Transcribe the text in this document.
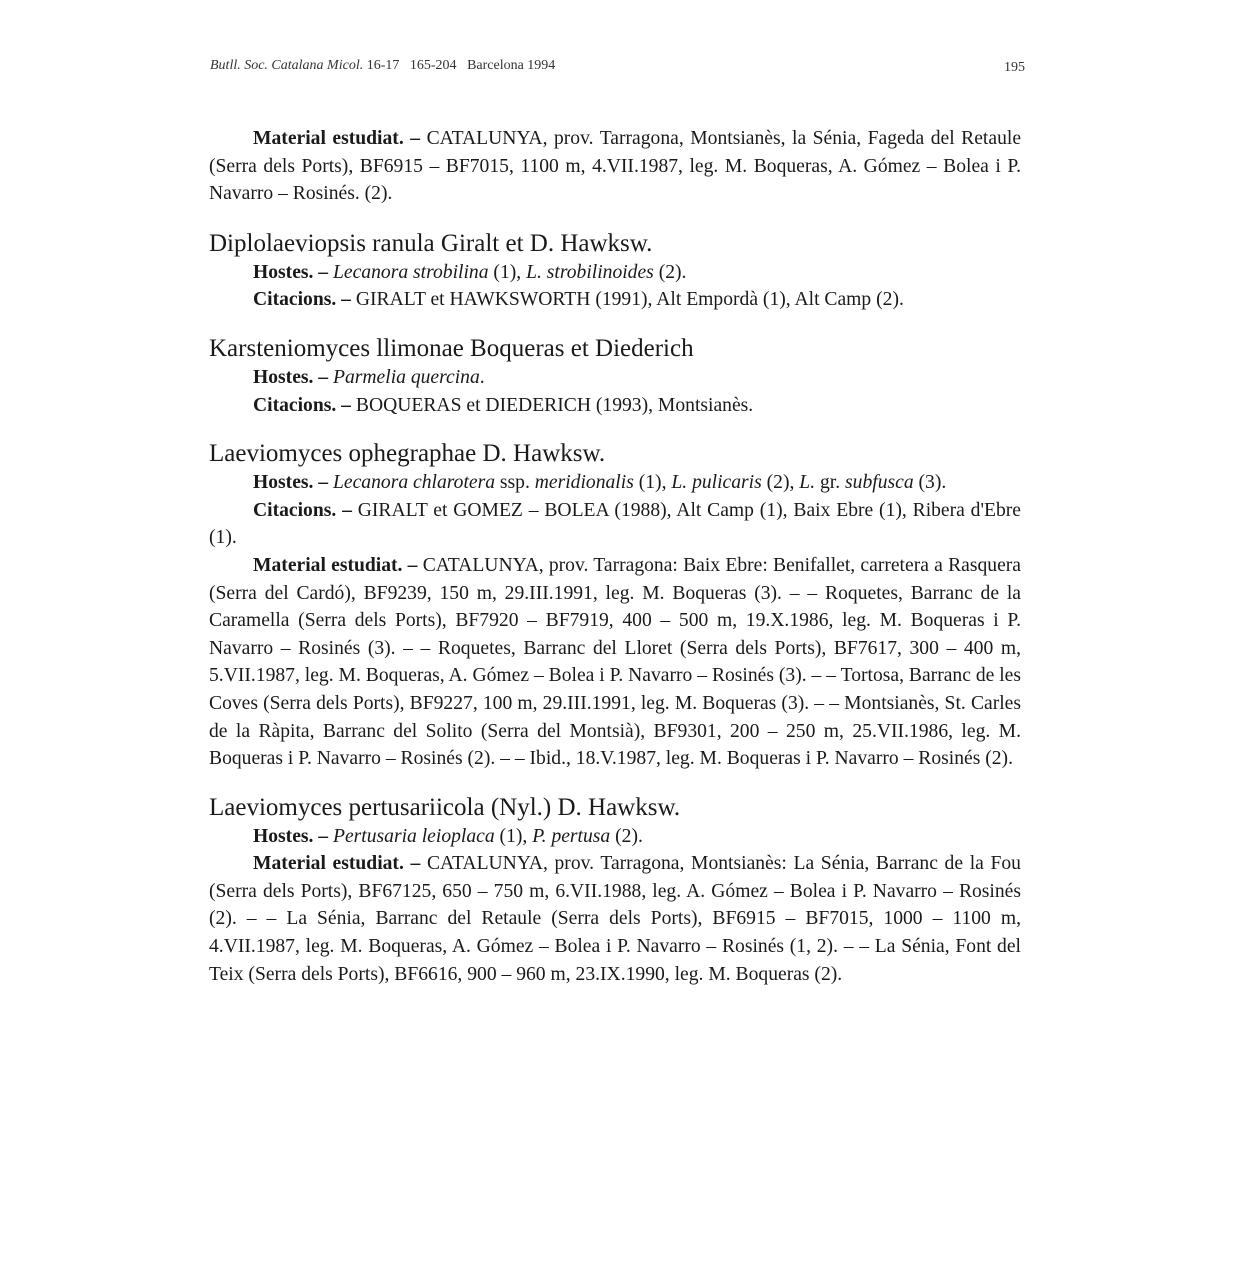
Butll. Soc. Catalana Micol. 16-17 165-204 Barcelona 1994	195

Material estudiat. – CATALUNYA, prov. Tarragona, Montsianès, la Sénia, Fageda del Retaule (Serra dels Ports), BF6915 – BF7015, 1100 m, 4.VII.1987, leg. M. Boqueras, A. Gómez – Bolea i P. Navarro – Rosinés. (2).

Diplolaeviopsis ranula Giralt et D. Hawksw.

Hostes. – Lecanora strobilina (1), L. strobilinoides (2).

Citacions. – GIRALT et HAWKSWORTH (1991), Alt Empordà (1), Alt Camp (2).

Karsteniomyces llimonae Boqueras et Diederich

Hostes. – Parmelia quercina.

Citacions. – BOQUERAS et DIEDERICH (1993), Montsianès.

Laeviomyces ophegraphae D. Hawksw.

Hostes. – Lecanora chlarotera ssp. meridionalis (1), L. pulicaris (2), L. gr. subfusca (3).

Citacions. – GIRALT et GOMEZ – BOLEA (1988), Alt Camp (1), Baix Ebre (1), Ribera d'Ebre (1).

Material estudiat. – CATALUNYA, prov. Tarragona: Baix Ebre: Benifallet, carretera a Rasquera (Serra del Cardó), BF9239, 150 m, 29.III.1991, leg. M. Boqueras (3). – – Roquetes, Barranc de la Caramella (Serra dels Ports), BF7920 – BF7919, 400 – 500 m, 19.X.1986, leg. M. Boqueras i P. Navarro – Rosinés (3). – – Roquetes, Barranc del Lloret (Serra dels Ports), BF7617, 300 – 400 m, 5.VII.1987, leg. M. Boqueras, A. Gómez – Bolea i P. Navarro – Rosinés (3). – – Tortosa, Barranc de les Coves (Serra dels Ports), BF9227, 100 m, 29.III.1991, leg. M. Boqueras (3). – – Montsianès, St. Carles de la Ràpita, Barranc del Solito (Serra del Montsià), BF9301, 200 – 250 m, 25.VII.1986, leg. M. Boqueras i P. Navarro – Rosinés (2). – – Ibid., 18.V.1987, leg. M. Boqueras i P. Navarro – Rosinés (2).

Laeviomyces pertusariicola (Nyl.) D. Hawksw.

Hostes. – Pertusaria leioplaca (1), P. pertusa (2).

Material estudiat. – CATALUNYA, prov. Tarragona, Montsianès: La Sénia, Barranc de la Fou (Serra dels Ports), BF67125, 650 – 750 m, 6.VII.1988, leg. A. Gómez – Bolea i P. Navarro – Rosinés (2). – – La Sénia, Barranc del Retaule (Serra dels Ports), BF6915 – BF7015, 1000 – 1100 m, 4.VII.1987, leg. M. Boqueras, A. Gómez – Bolea i P. Navarro – Rosinés (1, 2). – – La Sénia, Font del Teix (Serra dels Ports), BF6616, 900 – 960 m, 23.IX.1990, leg. M. Boqueras (2).
